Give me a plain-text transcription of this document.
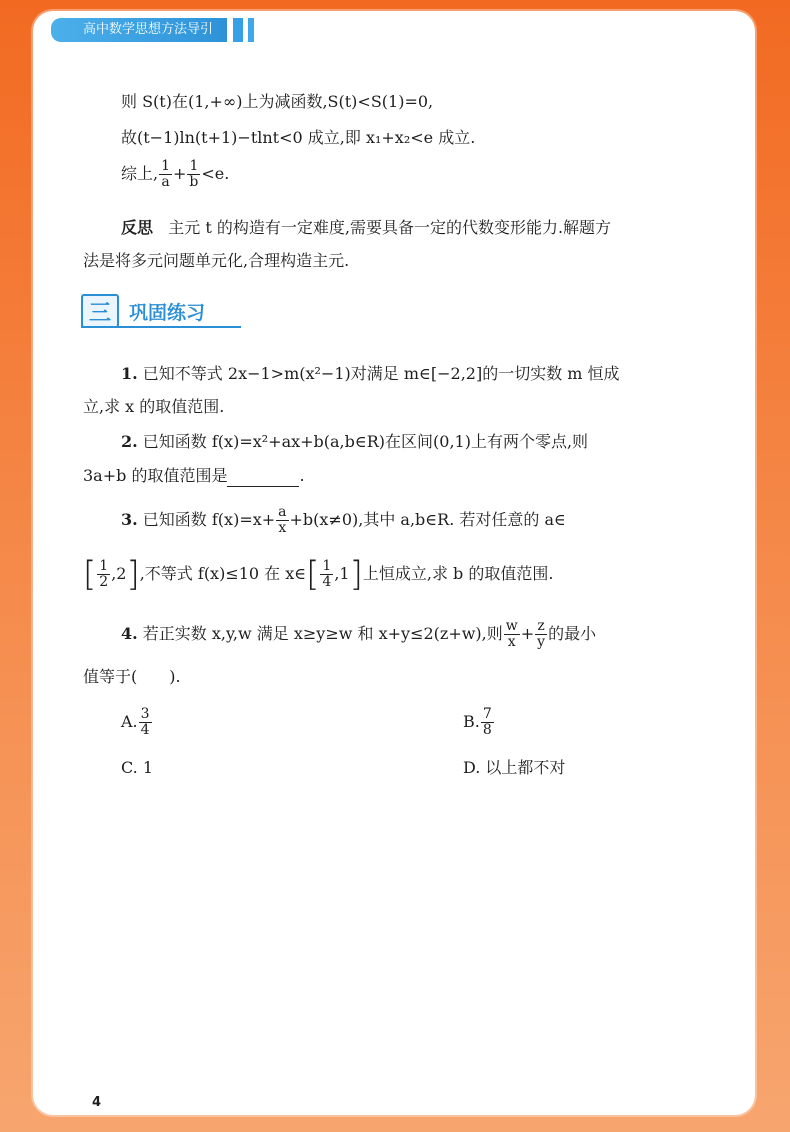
高中数学思想方法导引
则 S(t)在(1,+∞)上为减函数,S(t)<S(1)=0,
故(t−1)ln(t+1)−tlnt<0 成立,即 x₁+x₂<e 成立.
综上, $\frac{1}{a} + \frac{1}{b} <e$.
反思 主元 t 的构造有一定难度,需要具备一定的代数变形能力.解题方
法是将多元问题单元化,合理构造主元.
三 巩固练习
1. 已知不等式 2x−1>m(x²−1)对满足 m∈[−2,2]的一切实数 m 恒成
立,求 x 的取值范围.
2. 已知函数 f(x)=x²+ax+b(a,b∈R)在区间(0,1)上有两个零点,则
3a+b 的取值范围是	.
3. 已知函数 $f(x)=x+ \frac{a}{x} +b(x\ne 0)$,其中 a,b∈R. 若对任意的 a∈
[ $\frac{1}{2} ,2$],不等式 f(x)≤10 在 x∈[ $\frac{1}{4} ,1$]上恒成立,求 b 的取值范围.
4. 若正实数 x,y,w 满足 x≥y≥w 和 x+y≤2(z+w),则 $\frac{w}{x} + \frac{z}{y}$ 的最小
值等于(　　).
A. $\frac{3}{4}$	B. $\frac{7}{8}$
C. 1	D. 以上都不对
4
